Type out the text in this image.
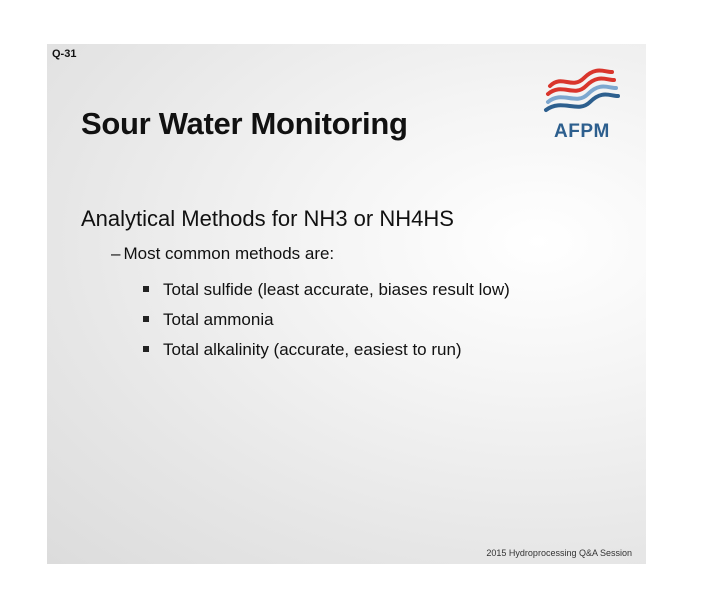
Q-31
AFPM
Sour Water Monitoring
Analytical Methods for NH3 or NH4HS
– Most common methods are:
Total sulfide (least accurate, biases result low)
Total ammonia
Total alkalinity (accurate, easiest to run)
2015 Hydroprocessing Q&A Session
